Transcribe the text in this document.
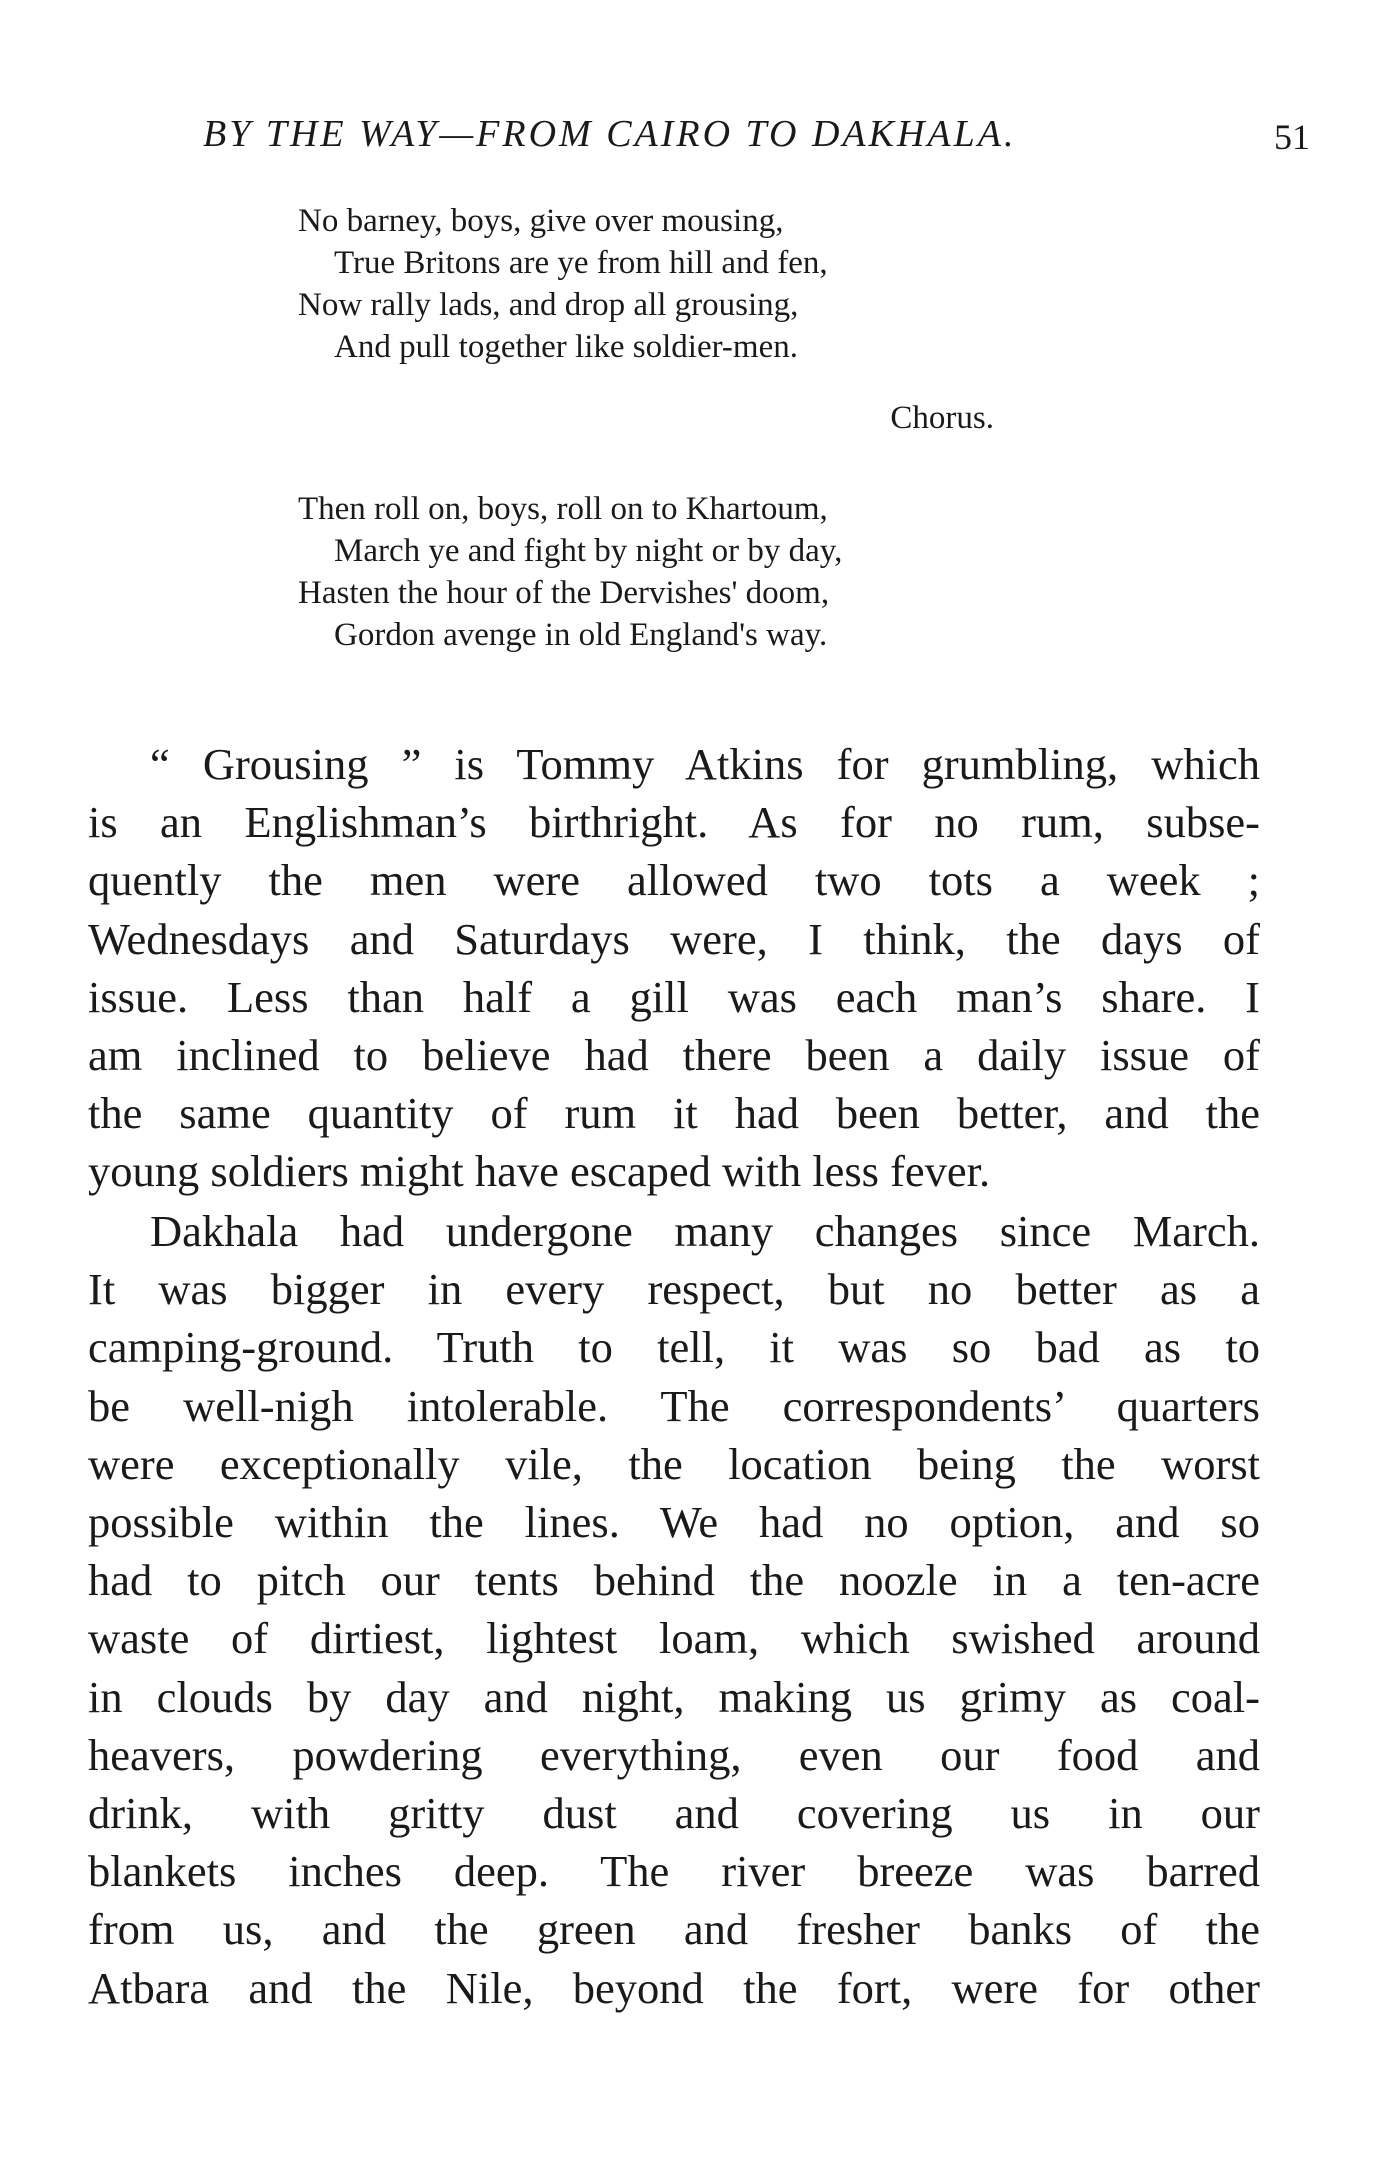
BY THE WAY—FROM CAIRO TO DAKHALA.	51
No barney, boys, give over mousing,
True Britons are ye from hill and fen,
Now rally lads, and drop all grousing,
And pull together like soldier-men.
Chorus.
Then roll on, boys, roll on to Khartoum,
March ye and fight by night or by day,
Hasten the hour of the Dervishes' doom,
Gordon avenge in old England's way.
“ Grousing ” is Tommy Atkins for grumbling, which
is an Englishman’s birthright. As for no rum, subse-
quently the men were allowed two tots a week ;
Wednesdays and Saturdays were, I think, the days of
issue. Less than half a gill was each man’s share. I
am inclined to believe had there been a daily issue of
the same quantity of rum it had been better, and the
young soldiers might have escaped with less fever.
Dakhala had undergone many changes since March.
It was bigger in every respect, but no better as a
camping-ground. Truth to tell, it was so bad as to
be well-nigh intolerable. The correspondents’ quarters
were exceptionally vile, the location being the worst
possible within the lines. We had no option, and so
had to pitch our tents behind the noozle in a ten-acre
waste of dirtiest, lightest loam, which swished around
in clouds by day and night, making us grimy as coal-
heavers, powdering everything, even our food and
drink, with gritty dust and covering us in our
blankets inches deep. The river breeze was barred
from us, and the green and fresher banks of the
Atbara and the Nile, beyond the fort, were for other
